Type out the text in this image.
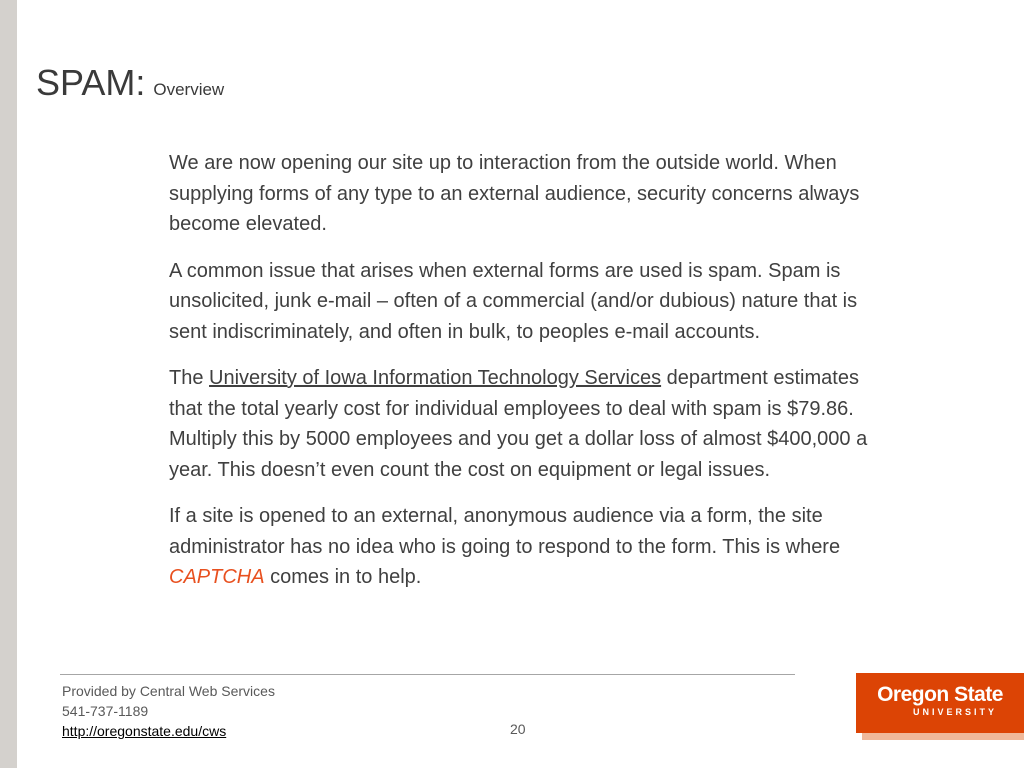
SPAM: Overview

We are now opening our site up to interaction from the outside world. When supplying forms of any type to an external audience, security concerns always become elevated.

A common issue that arises when external forms are used is spam. Spam is unsolicited, junk e-mail – often of a commercial (and/or dubious) nature that is sent indiscriminately, and often in bulk, to peoples e-mail accounts.

The University of Iowa Information Technology Services department estimates that the total yearly cost for individual employees to deal with spam is $79.86. Multiply this by 5000 employees and you get a dollar loss of almost $400,000 a year. This doesn’t even count the cost on equipment or legal issues.

If a site is opened to an external, anonymous audience via a form, the site administrator has no idea who is going to respond to the form. This is where CAPTCHA comes in to help.

Provided by Central Web Services
541-737-1189
http://oregonstate.edu/cws	20
Oregon State
UNIVERSITY
